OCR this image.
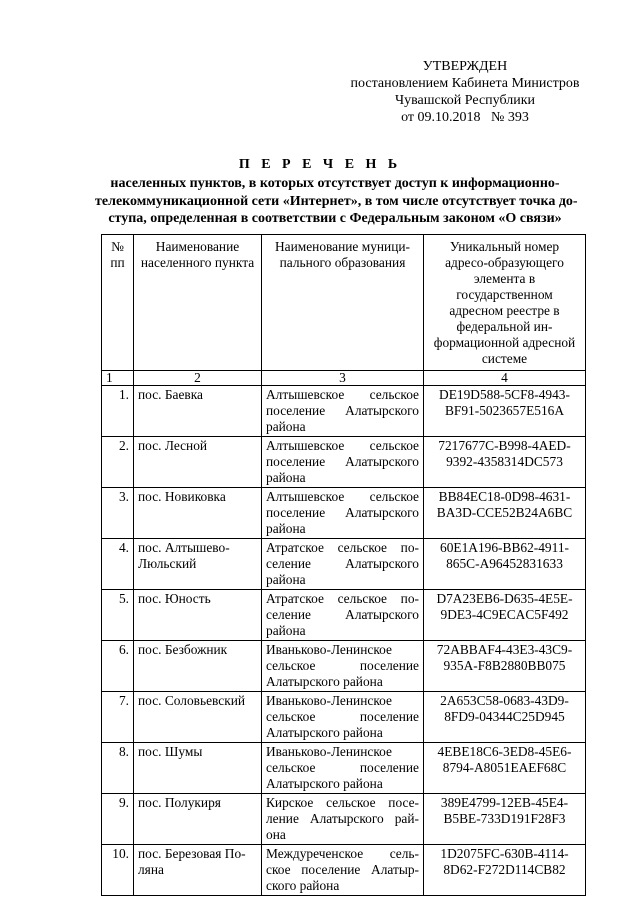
УТВЕРЖДЕН
постановлением Кабинета Министров
Чувашской Республики
от 09.10.2018   № 393
П Е Р Е Ч Е Н Ь
населенных пунктов, в которых отсутствует доступ к информационно-
телекоммуникационной сети «Интернет», в том числе отсутствует точка до-
ступа, определенная в соответствии с Федеральным законом «О связи»
№ пп	Наименование населенного пункта	Наименование муници-пального образования	Уникальный номер адресо-образующего элемента в государственном адресном реестре в федеральной ин-формационной адресной системе
1	2	3	4
1.	пос. Баевка	Алтышевское сельское поселение Алатырского района	DE19D588-5CF8-4943-BF91-5023657E516A
2.	пос. Лесной	Алтышевское сельское поселение Алатырского района	7217677C-B998-4AED-9392-4358314DC573
3.	пос. Новиковка	Алтышевское сельское поселение Алатырского района	BB84EC18-0D98-4631-BA3D-CCE52B24A6BC
4.	пос. Алтышево-Люльский	Атратское сельское по-селение Алатырского района	60E1A196-BB62-4911-865C-A96452831633
5.	пос. Юность	Атратское сельское по-селение Алатырского района	D7A23EB6-D635-4E5E-9DE3-4C9ECAC5F492
6.	пос. Безбожник	Иваньково-Ленинское сельское поселение Алатырского района	72ABBAF4-43E3-43C9-935A-F8B2880BB075
7.	пос. Соловьевский	Иваньково-Ленинское сельское поселение Алатырского района	2A653C58-0683-43D9-8FD9-04344C25D945
8.	пос. Шумы	Иваньково-Ленинское сельское поселение Алатырского района	4EBE18C6-3ED8-45E6-8794-A8051EAEF68C
9.	пос. Полукиря	Кирское сельское посе-ление Алатырского рай-она	389E4799-12EB-45E4-B5BE-733D191F28F3
10.	пос. Березовая По-ляна	Междуреченское сель-ское поселение Алатыр-ского района	1D2075FC-630B-4114-8D62-F272D114CB82
